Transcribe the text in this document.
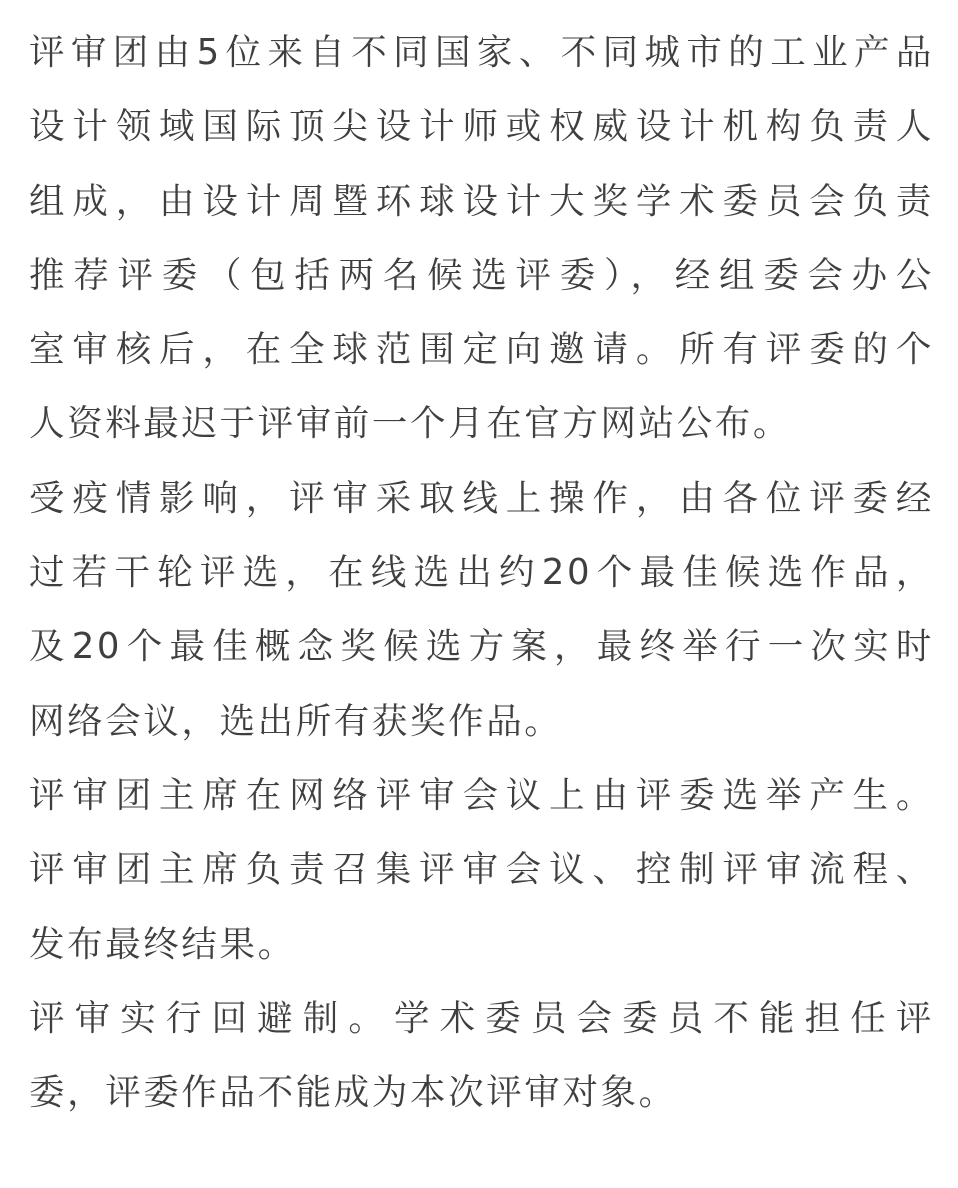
评审团由5位来自不同国家、不同城市的工业产品
设计领域国际顶尖设计师或权威设计机构负责人
组成，由设计周暨环球设计大奖学术委员会负责
推荐评委（包括两名候选评委），经组委会办公
室审核后，在全球范围定向邀请。所有评委的个
人资料最迟于评审前一个月在官方网站公布。
受疫情影响，评审采取线上操作，由各位评委经
过若干轮评选，在线选出约20个最佳候选作品，
及20个最佳概念奖候选方案，最终举行一次实时
网络会议，选出所有获奖作品。
评审团主席在网络评审会议上由评委选举产生。
评审团主席负责召集评审会议、控制评审流程、
发布最终结果。
评审实行回避制。学术委员会委员不能担任评
委，评委作品不能成为本次评审对象。
